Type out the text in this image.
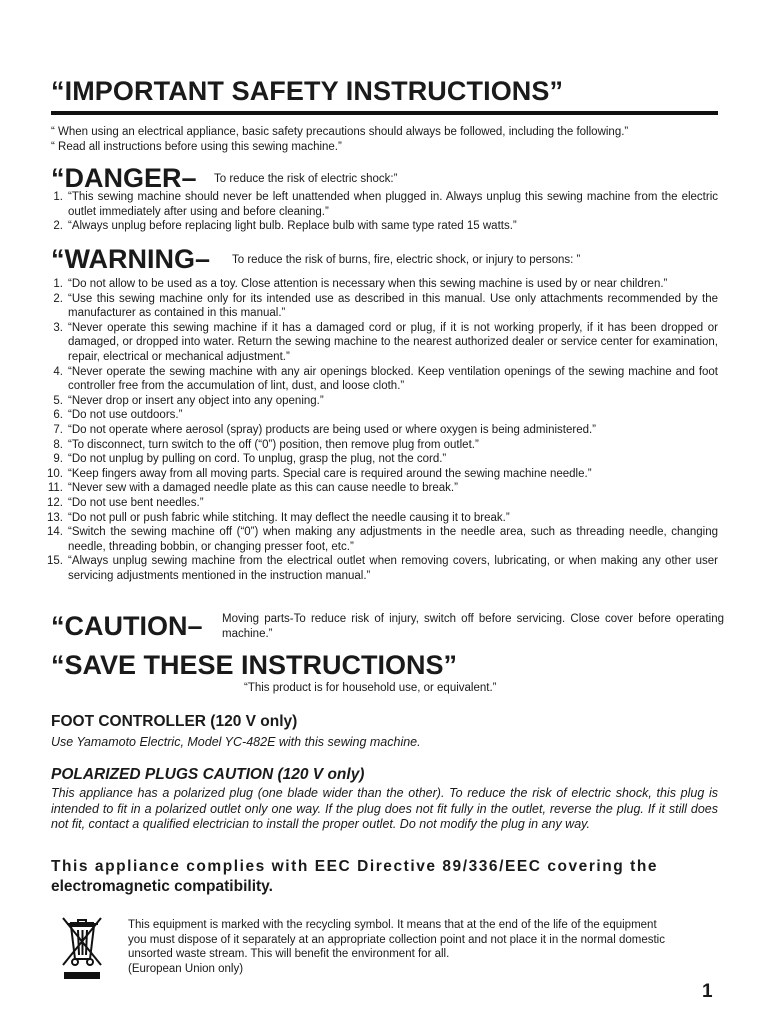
“IMPORTANT SAFETY INSTRUCTIONS”
“ When using an electrical appliance, basic safety precautions should always be followed, including the following.”
“ Read all instructions before using this sewing machine.”
“DANGER– To reduce the risk of electric shock:”
1. “This sewing machine should never be left unattended when plugged in. Always unplug this sewing machine from the electric outlet immediately after using and before cleaning.”
2. “Always unplug before replacing light bulb. Replace bulb with same type rated 15 watts.”
“WARNING– To reduce the risk of burns, fire, electric shock, or injury to persons: ”
1. “Do not allow to be used as a toy. Close attention is necessary when this sewing machine is used by or near children.”
2. “Use this sewing machine only for its intended use as described in this manual. Use only attachments recommended by the manufacturer as contained in this manual.”
3. “Never operate this sewing machine if it has a damaged cord or plug, if it is not working properly, if it has been dropped or damaged, or dropped into water. Return the sewing machine to the nearest authorized dealer or service center for examination, repair, electrical or mechanical adjustment.”
4. “Never operate the sewing machine with any air openings blocked. Keep ventilation openings of the sewing machine and foot controller free from the accumulation of lint, dust, and loose cloth.”
5. “Never drop or insert any object into any opening.”
6. “Do not use outdoors.”
7. “Do not operate where aerosol (spray) products are being used or where oxygen is being administered.”
8. “To disconnect, turn switch to the off (“0”) position, then remove plug from outlet.”
9. “Do not unplug by pulling on cord. To unplug, grasp the plug, not the cord.”
10. “Keep fingers away from all moving parts. Special care is required around the sewing machine needle.”
11. “Never sew with a damaged needle plate as this can cause needle to break.”
12. “Do not use bent needles.”
13. “Do not pull or push fabric while stitching. It may deflect the needle causing it to break.”
14. “Switch the sewing machine off (“0”) when making any adjustments in the needle area, such as threading needle, changing needle, threading bobbin, or changing presser foot, etc.”
15. “Always unplug sewing machine from the electrical outlet when removing covers, lubricating, or when making any other user servicing adjustments mentioned in the instruction manual.”
“CAUTION– Moving parts-To reduce risk of injury, switch off before servicing. Close cover before operating machine.”
“SAVE THESE INSTRUCTIONS”
“This product is for household use, or equivalent.”
FOOT CONTROLLER (120 V only)
Use Yamamoto Electric, Model YC-482E with this sewing machine.
POLARIZED PLUGS CAUTION (120 V only)
This appliance has a polarized plug (one blade wider than the other). To reduce the risk of electric shock, this plug is intended to fit in a polarized outlet only one way. If the plug does not fit fully in the outlet, reverse the plug. If it still does not fit, contact a qualified electrician to install the proper outlet. Do not modify the plug in any way.
This appliance complies with EEC Directive 89/336/EEC covering the
electromagnetic compatibility.
This equipment is marked with the recycling symbol. It means that at the end of the life of the equipment you must dispose of it separately at an appropriate collection point and not place it in the normal domestic unsorted waste stream. This will benefit the environment for all.
(European Union only)
1
